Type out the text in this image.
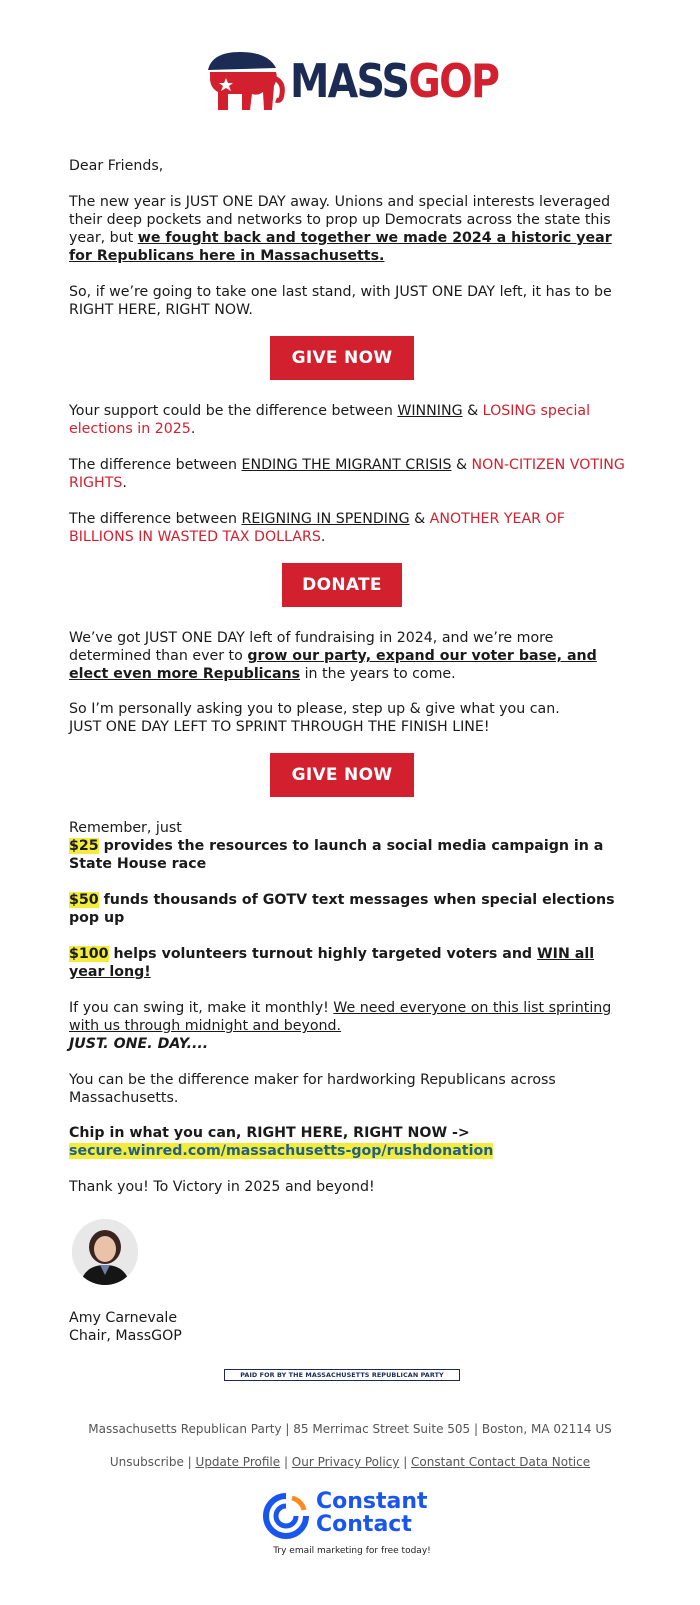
MASSGOP

Dear Friends,

The new year is JUST ONE DAY away. Unions and special interests leveraged their deep pockets and networks to prop up Democrats across the state this year, but we fought back and together we made 2024 a historic year for Republicans here in Massachusetts.

So, if we’re going to take one last stand, with JUST ONE DAY left, it has to be RIGHT HERE, RIGHT NOW.

GIVE NOW

Your support could be the difference between WINNING & LOSING special elections in 2025.

The difference between ENDING THE MIGRANT CRISIS & NON-CITIZEN VOTING RIGHTS.

The difference between REIGNING IN SPENDING & ANOTHER YEAR OF BILLIONS IN WASTED TAX DOLLARS.

DONATE

We’ve got JUST ONE DAY left of fundraising in 2024, and we’re more determined than ever to grow our party, expand our voter base, and elect even more Republicans in the years to come.

So I’m personally asking you to please, step up & give what you can.

JUST ONE DAY LEFT TO SPRINT THROUGH THE FINISH LINE!

GIVE NOW

Remember, just

$25 provides the resources to launch a social media campaign in a State House race

$50 funds thousands of GOTV text messages when special elections pop up

$100 helps volunteers turnout highly targeted voters and WIN all year long!

If you can swing it, make it monthly! We need everyone on this list sprinting with us through midnight and beyond.

JUST. ONE. DAY....

You can be the difference maker for hardworking Republicans across Massachusetts.

Chip in what you can, RIGHT HERE, RIGHT NOW ->

secure.winred.com/massachusetts-gop/rushdonation

Thank you! To Victory in 2025 and beyond!

Amy Carnevale

Chair, MassGOP

PAID FOR BY THE MASSACHUSETTS REPUBLICAN PARTY
Massachusetts Republican Party | 85 Merrimac Street Suite 505 | Boston, MA 02114 US
Unsubscribe | Update Profile | Our Privacy Policy | Constant Contact Data Notice
Constant
Contact
Try email marketing for free today!
